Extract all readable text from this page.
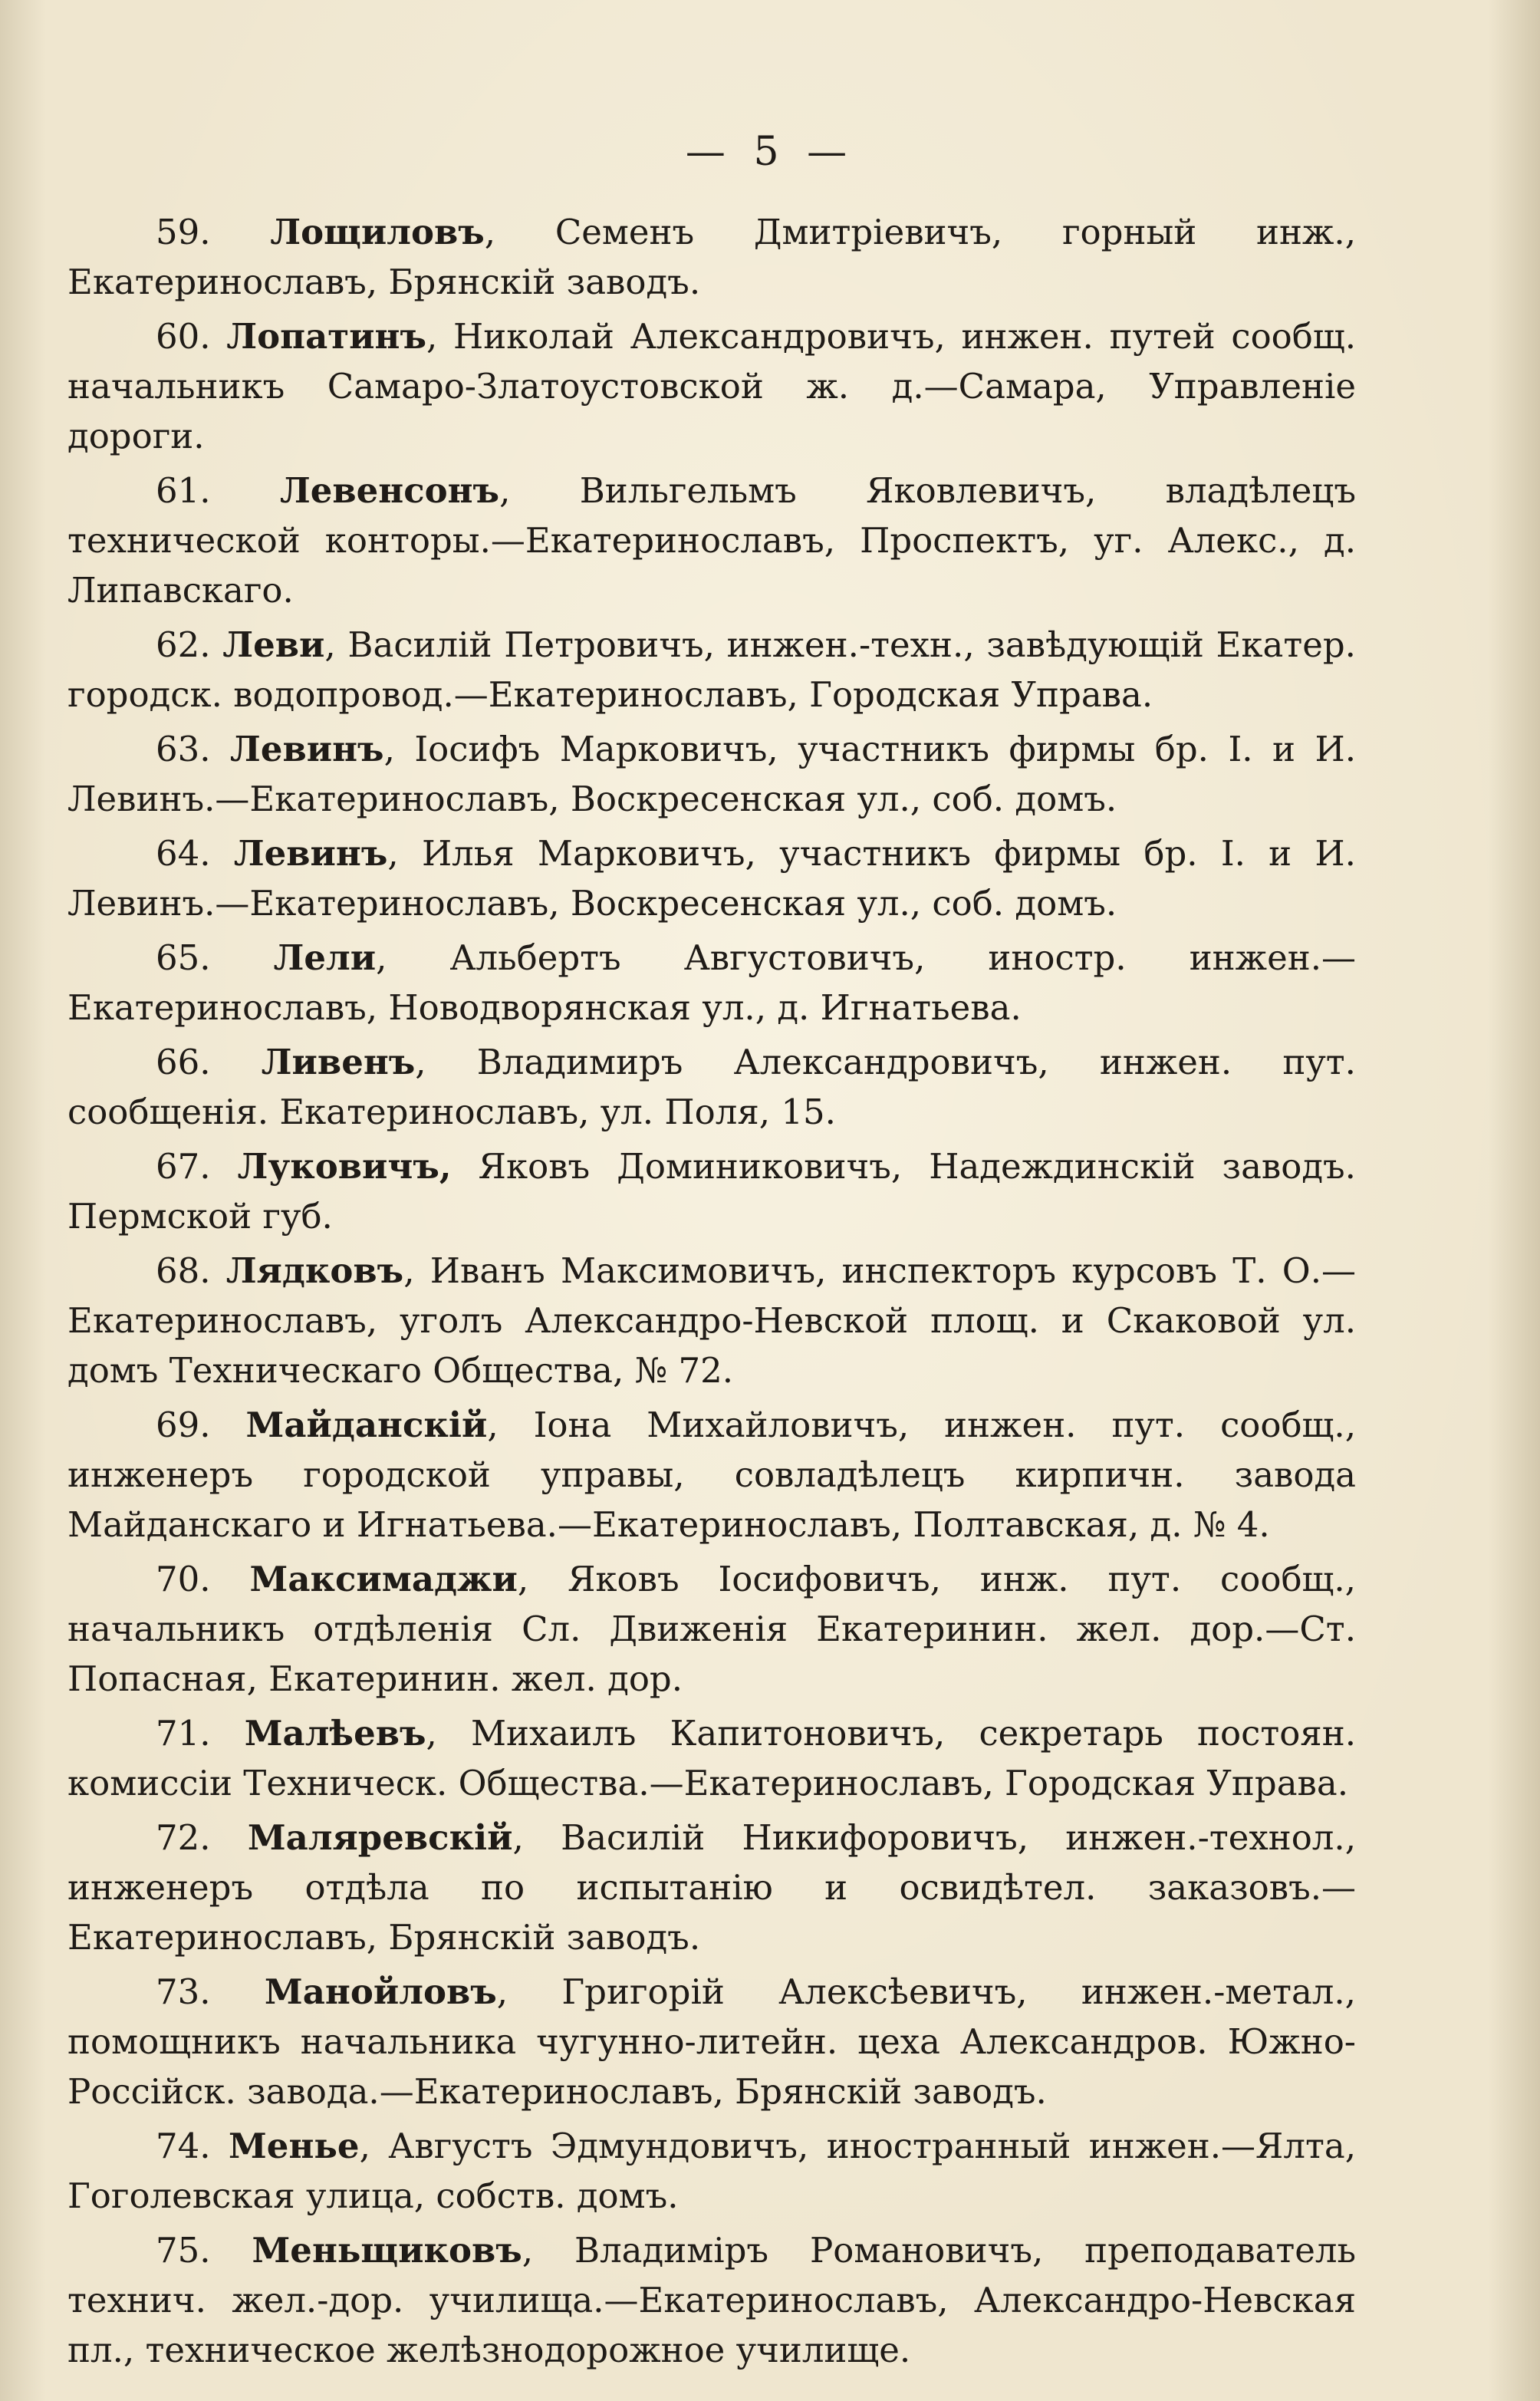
— 5 —

59. Лощиловъ, Семенъ Дмитріевичъ, горный инж., Екатеринославъ, Брянскій заводъ.

60. Лопатинъ, Николай Александровичъ, инжен. путей сообщ. начальникъ Самаро-Златоустовской ж. д.—Самара, Управленіе дороги.

61. Левенсонъ, Вильгельмъ Яковлевичъ, владѣлецъ технической конторы.—Екатеринославъ, Проспектъ, уг. Алекс., д. Липавскаго.

62. Леви, Василій Петровичъ, инжен.-техн., завѣдующій Екатер. городск. водопровод.—Екатеринославъ, Городская Управа.

63. Левинъ, Іосифъ Марковичъ, участникъ фирмы бр. І. и И. Левинъ.—Екатеринославъ, Воскресенская ул., соб. домъ.

64. Левинъ, Илья Марковичъ, участникъ фирмы бр. І. и И. Левинъ.—Екатеринославъ, Воскресенская ул., соб. домъ.

65. Лели, Альбертъ Августовичъ, иностр. инжен.—Екатеринославъ, Новодворянская ул., д. Игнатьева.

66. Ливенъ, Владимиръ Александровичъ, инжен. пут. сообщенія. Екатеринославъ, ул. Поля, 15.

67. Луковичъ, Яковъ Доминиковичъ, Надеждинскій заводъ. Пермской губ.

68. Лядковъ, Иванъ Максимовичъ, инспекторъ курсовъ Т. О.—Екатеринославъ, уголъ Александро-Невской площ. и Скаковой ул. домъ Техническаго Общества, № 72.

69. Майданскій, Іона Михайловичъ, инжен. пут. сообщ., инженеръ городской управы, совладѣлецъ кирпичн. завода Майданскаго и Игнатьева.—Екатеринославъ, Полтавская, д. № 4.

70. Максимаджи, Яковъ Іосифовичъ, инж. пут. сообщ., начальникъ отдѣленія Сл. Движенія Екатеринин. жел. дор.—Ст. Попасная, Екатеринин. жел. дор.

71. Малѣевъ, Михаилъ Капитоновичъ, секретарь постоян. комиссіи Техническ. Общества.—Екатеринославъ, Городская Управа.

72. Маляревскій, Василій Никифоровичъ, инжен.-технол., инженеръ отдѣла по испытанію и освидѣтел. заказовъ.—Екатеринославъ, Брянскій заводъ.

73. Манойловъ, Григорій Алексѣевичъ, инжен.-метал., помощникъ начальника чугунно-литейн. цеха Александров. Южно-Россійск. завода.—Екатеринославъ, Брянскій заводъ.

74. Менье, Августъ Эдмундовичъ, иностранный инжен.—Ялта, Гоголевская улица, собств. домъ.

75. Меньщиковъ, Владиміръ Романовичъ, преподаватель технич. жел.-дор. училища.—Екатеринославъ, Александро-Невская пл., техническое желѣзнодорожное училище.
